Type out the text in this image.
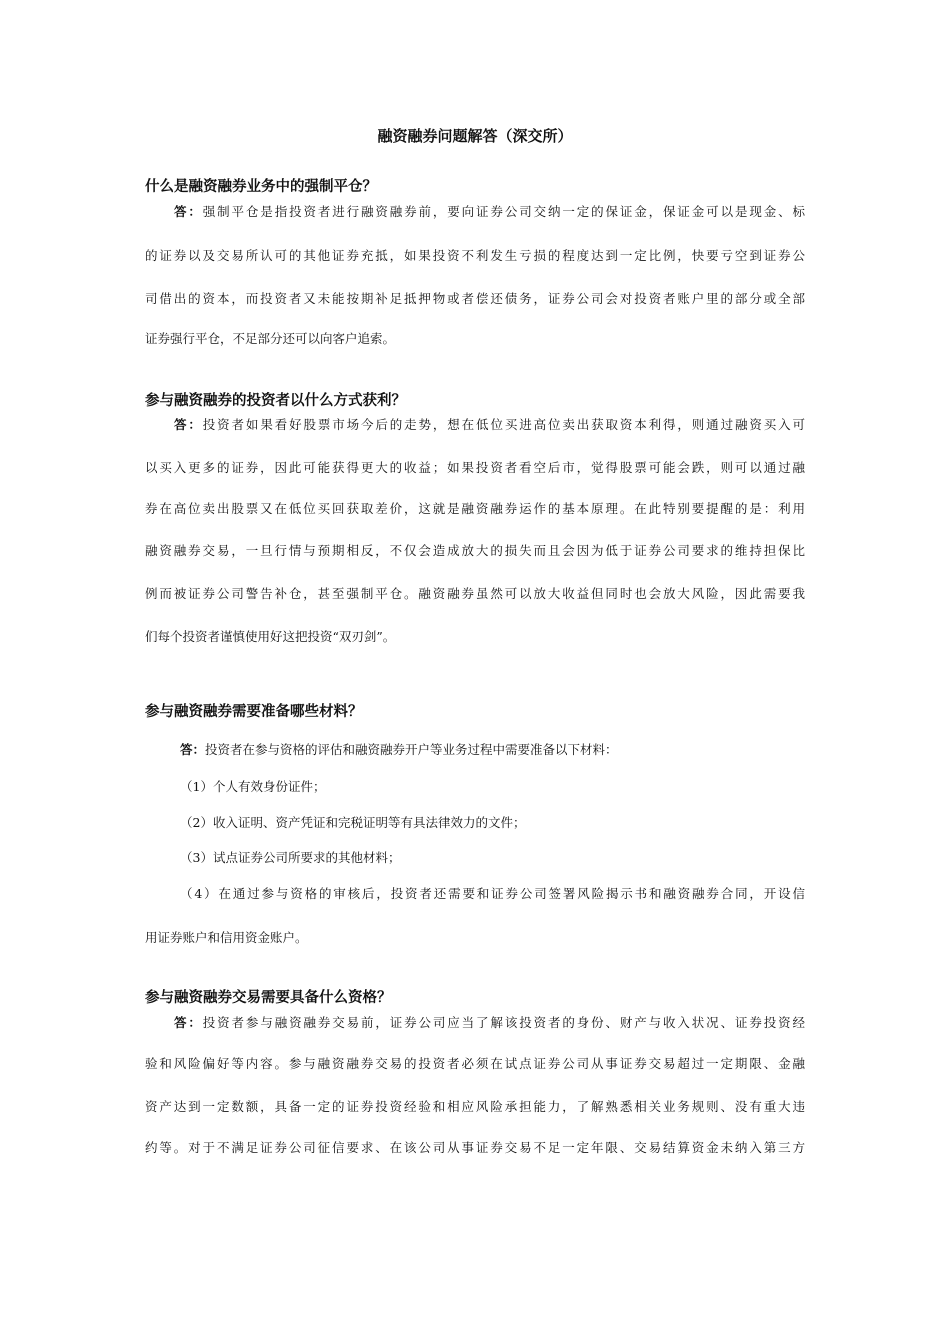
融资融券问题解答（深交所）
什么是融资融券业务中的强制平仓？
答：强制平仓是指投资者进行融资融券前，要向证券公司交纳一定的保证金，保证金可以是现金、标
的证券以及交易所认可的其他证券充抵，如果投资不利发生亏损的程度达到一定比例，快要亏空到证券公
司借出的资本，而投资者又未能按期补足抵押物或者偿还债务，证券公司会对投资者账户里的部分或全部
证券强行平仓，不足部分还可以向客户追索。
参与融资融券的投资者以什么方式获利？
答：投资者如果看好股票市场今后的走势，想在低位买进高位卖出获取资本利得，则通过融资买入可
以买入更多的证券，因此可能获得更大的收益；如果投资者看空后市，觉得股票可能会跌，则可以通过融
券在高位卖出股票又在低位买回获取差价，这就是融资融券运作的基本原理。在此特别要提醒的是：利用
融资融券交易，一旦行情与预期相反，不仅会造成放大的损失而且会因为低于证券公司要求的维持担保比
例而被证券公司警告补仓，甚至强制平仓。融资融券虽然可以放大收益但同时也会放大风险，因此需要我
们每个投资者谨慎使用好这把投资“双刃剑”。
参与融资融券需要准备哪些材料？
答：投资者在参与资格的评估和融资融券开户等业务过程中需要准备以下材料：
（1）个人有效身份证件；
（2）收入证明、资产凭证和完税证明等有具法律效力的文件；
（3）试点证券公司所要求的其他材料；
（4）在通过参与资格的审核后，投资者还需要和证券公司签署风险揭示书和融资融券合同，开设信
用证券账户和信用资金账户。
参与融资融券交易需要具备什么资格？
答：投资者参与融资融券交易前，证券公司应当了解该投资者的身份、财产与收入状况、证券投资经
验和风险偏好等内容。参与融资融券交易的投资者必须在试点证券公司从事证券交易超过一定期限、金融
资产达到一定数额，具备一定的证券投资经验和相应风险承担能力，了解熟悉相关业务规则、没有重大违
约等。对于不满足证券公司征信要求、在该公司从事证券交易不足一定年限、交易结算资金未纳入第三方
